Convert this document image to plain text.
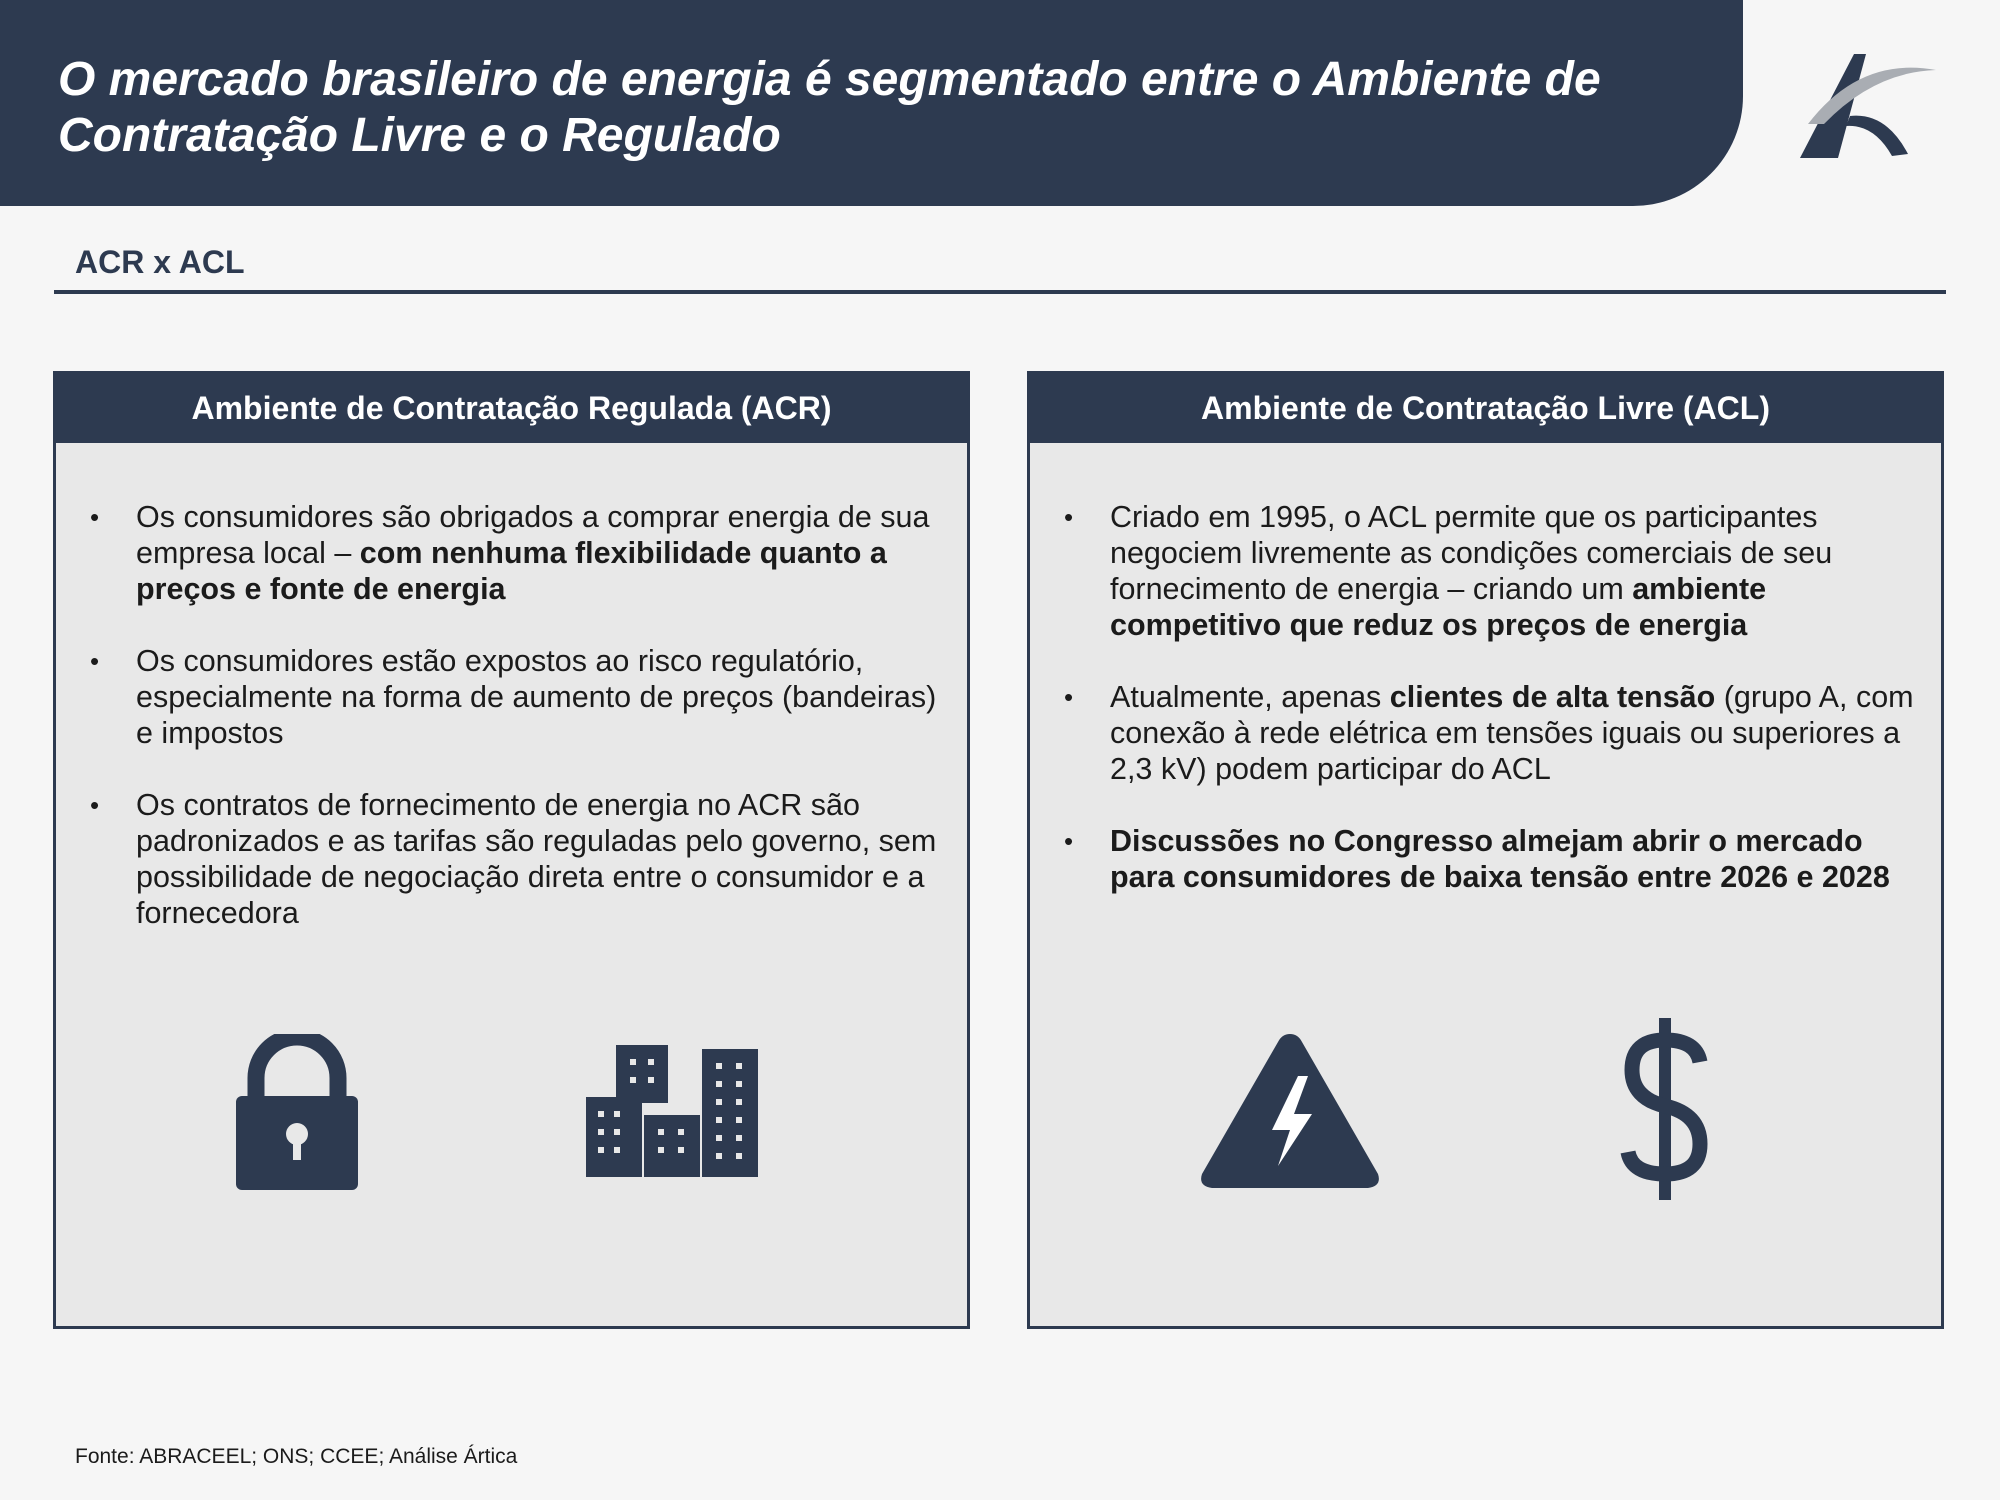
O mercado brasileiro de energia é segmentado entre o Ambiente de Contratação Livre e o Regulado
ACR x ACL
Ambiente de Contratação Regulada (ACR)
• Os consumidores são obrigados a comprar energia de sua empresa local – com nenhuma flexibilidade quanto a preços e fonte de energia
• Os consumidores estão expostos ao risco regulatório, especialmente na forma de aumento de preços (bandeiras) e impostos
• Os contratos de fornecimento de energia no ACR são padronizados e as tarifas são reguladas pelo governo, sem possibilidade de negociação direta entre o consumidor e a fornecedora
Ambiente de Contratação Livre (ACL)
• Criado em 1995, o ACL permite que os participantes negociem livremente as condições comerciais de seu fornecimento de energia – criando um ambiente competitivo que reduz os preços de energia
• Atualmente, apenas clientes de alta tensão (grupo A, com conexão à rede elétrica em tensões iguais ou superiores a 2,3 kV) podem participar do ACL
• Discussões no Congresso almejam abrir o mercado para consumidores de baixa tensão entre 2026 e 2028
Fonte: ABRACEEL; ONS; CCEE; Análise Ártica
